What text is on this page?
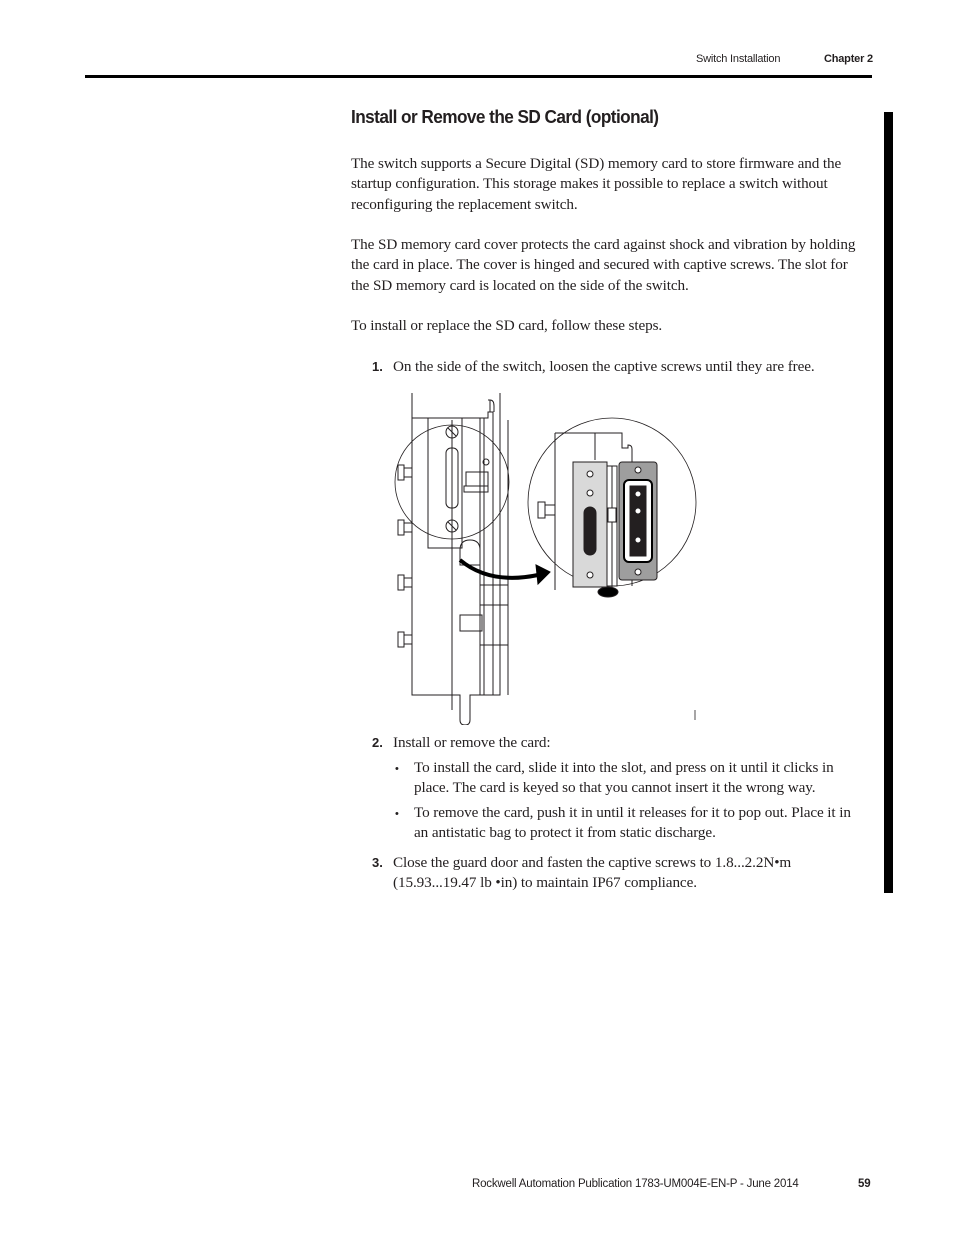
Switch Installation	Chapter 2
Install or Remove the SD Card (optional)
The switch supports a Secure Digital (SD) memory card to store firmware and the startup configuration. This storage makes it possible to replace a switch without reconfiguring the replacement switch.
The SD memory card cover protects the card against shock and vibration by holding the card in place. The cover is hinged and secured with captive screws. The slot for the SD memory card is located on the side of the switch.
To install or replace the SD card, follow these steps.
1. On the side of the switch, loosen the captive screws until they are free.
2. Install or remove the card:
• To install the card, slide it into the slot, and press on it until it clicks in place. The card is keyed so that you cannot insert it the wrong way.
• To remove the card, push it in until it releases for it to pop out. Place it in an antistatic bag to protect it from static discharge.
3. Close the guard door and fasten the captive screws to 1.8...2.2N•m (15.93...19.47 lb •in) to maintain IP67 compliance.
Rockwell Automation Publication 1783-UM004E-EN-P - June 2014	59
